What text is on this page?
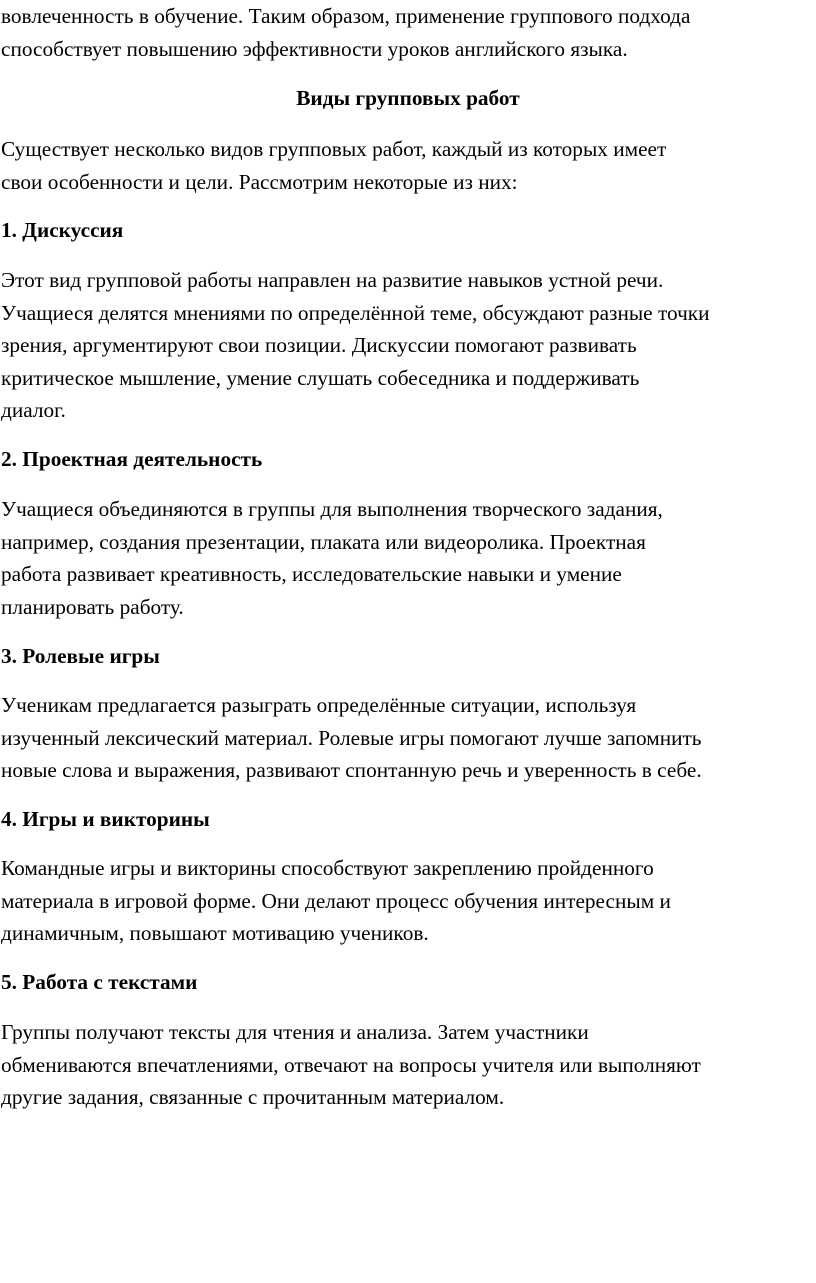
вовлеченность в обучение. Таким образом, применение группового подхода
способствует повышению эффективности уроков английского языка.

Виды групповых работ

Существует несколько видов групповых работ, каждый из которых имеет
свои особенности и цели. Рассмотрим некоторые из них:

1. Дискуссия

Этот вид групповой работы направлен на развитие навыков устной речи.
Учащиеся делятся мнениями по определённой теме, обсуждают разные точки
зрения, аргументируют свои позиции. Дискуссии помогают развивать
критическое мышление, умение слушать собеседника и поддерживать
диалог.

2. Проектная деятельность

Учащиеся объединяются в группы для выполнения творческого задания,
например, создания презентации, плаката или видеоролика. Проектная
работа развивает креативность, исследовательские навыки и умение
планировать работу.

3. Ролевые игры

Ученикам предлагается разыграть определённые ситуации, используя
изученный лексический материал. Ролевые игры помогают лучше запомнить
новые слова и выражения, развивают спонтанную речь и уверенность в себе.

4. Игры и викторины

Командные игры и викторины способствуют закреплению пройденного
материала в игровой форме. Они делают процесс обучения интересным и
динамичным, повышают мотивацию учеников.

5. Работа с текстами

Группы получают тексты для чтения и анализа. Затем участники
обмениваются впечатлениями, отвечают на вопросы учителя или выполняют
другие задания, связанные с прочитанным материалом.
